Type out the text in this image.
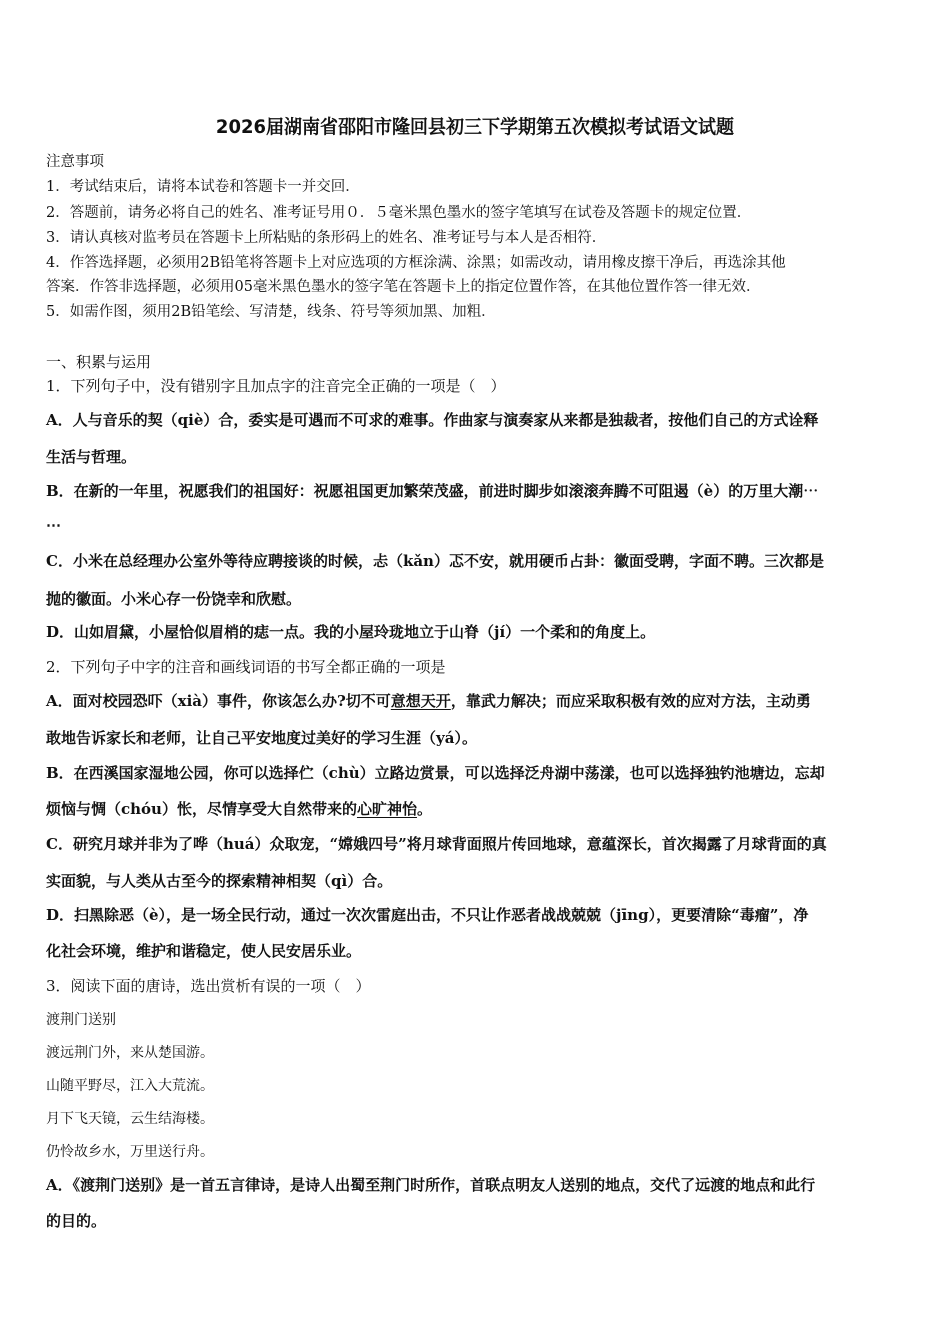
2026届湖南省邵阳市隆回县初三下学期第五次模拟考试语文试题
注意事项
1．考试结束后，请将本试卷和答题卡一并交回．
2．答题前，请务必将自己的姓名、准考证号用０．５毫米黑色墨水的签字笔填写在试卷及答题卡的规定位置．
3．请认真核对监考员在答题卡上所粘贴的条形码上的姓名、准考证号与本人是否相符．
4．作答选择题，必须用2B铅笔将答题卡上对应选项的方框涂满、涂黑；如需改动，请用橡皮擦干净后，再选涂其他
答案．作答非选择题，必须用05毫米黑色墨水的签字笔在答题卡上的指定位置作答，在其他位置作答一律无效．
5．如需作图，须用2B铅笔绘、写清楚，线条、符号等须加黑、加粗．
一、积累与运用
1．下列句子中，没有错别字且加点字的注音完全正确的一项是（　）
A．人与音乐的契（qiè）合，委实是可遇而不可求的难事。作曲家与演奏家从来都是独裁者，按他们自己的方式诠释
生活与哲理。
B．在新的一年里，祝愿我们的祖国好：祝愿祖国更加繁荣茂盛，前进时脚步如滚滚奔腾不可阻遏（è）的万里大潮⋯
⋯
C．小米在总经理办公室外等待应聘接谈的时候，忐（kǎn）忑不安，就用硬币占卦：徽面受聘，字面不聘。三次都是
抛的徽面。小米心存一份饶幸和欣慰。
D．山如眉黛，小屋恰似眉梢的痣一点。我的小屋玲珑地立于山脊（jí）一个柔和的角度上。
2．下列句子中字的注音和画线词语的书写全都正确的一项是
A．面对校园恐吓（xià）事件，你该怎么办?切不可意想天开，靠武力解决；而应采取积极有效的应对方法，主动勇
敢地告诉家长和老师，让自己平安地度过美好的学习生涯（yá）。
B．在西溪国家湿地公园，你可以选择伫（chù）立路边赏景，可以选择泛舟湖中荡漾，也可以选择独钓池塘边，忘却
烦恼与惆（chóu）怅，尽情享受大自然带来的心旷神怡。
C．研究月球并非为了哗（huá）众取宠，“嫦娥四号”将月球背面照片传回地球，意蕴深长，首次揭露了月球背面的真
实面貌，与人类从古至今的探索精神相契（qì）合。
D．扫黑除恶（è），是一场全民行动，通过一次次雷庭出击，不只让作恶者战战兢兢（jīng），更要清除“毒瘤”，净
化社会环境，维护和谐稳定，使人民安居乐业。
3．阅读下面的唐诗，选出赏析有误的一项（　）
渡荆门送别
渡远荆门外，来从楚国游。
山随平野尽，江入大荒流。
月下飞天镜，云生结海楼。
仍怜故乡水，万里送行舟。
A．《渡荆门送别》是一首五言律诗，是诗人出蜀至荆门时所作，首联点明友人送别的地点，交代了远渡的地点和此行
的目的。
